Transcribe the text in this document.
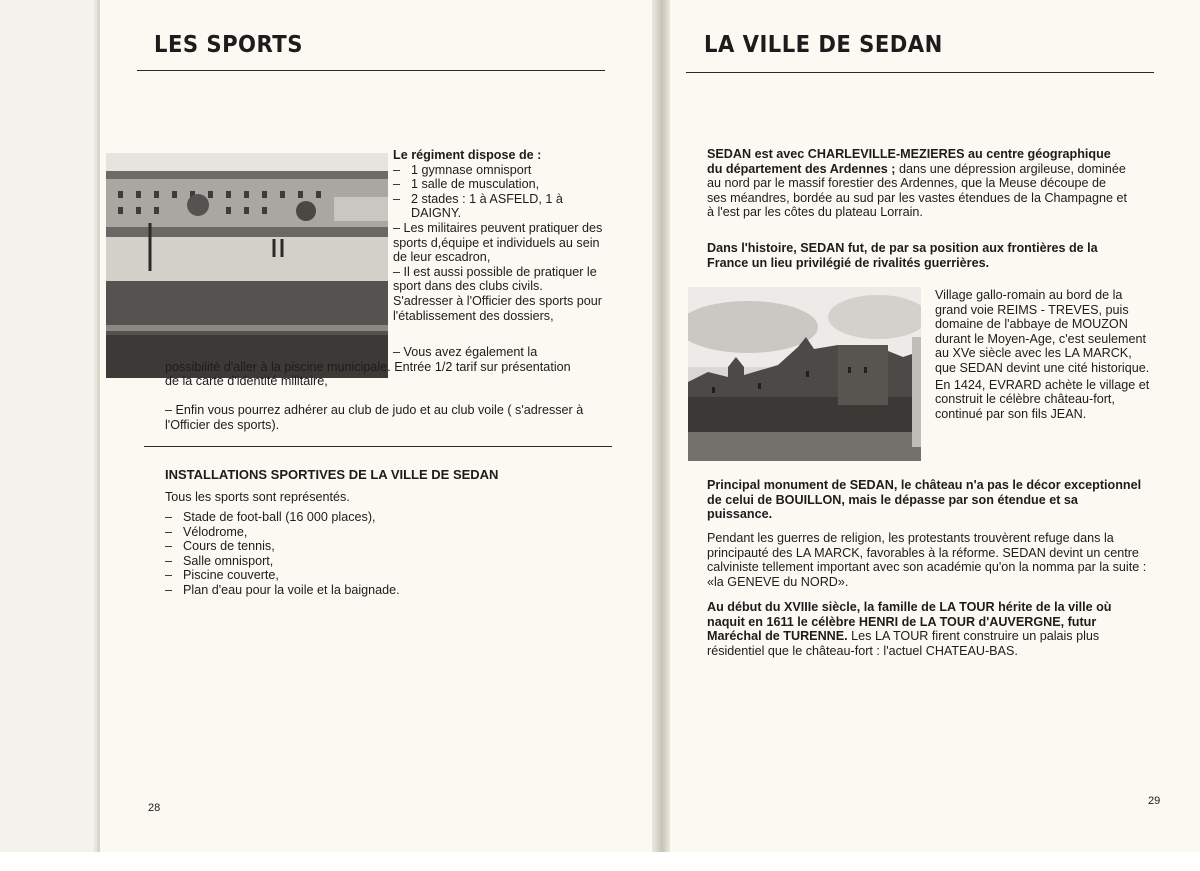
LES SPORTS

Le régiment dispose de :

– 1 gymnase omnisport
– 1 salle de musculation,
– 2 stades : 1 à ASFELD, 1 à DAIGNY.

– Les militaires peuvent pratiquer des sports d,équipe et individuels au sein de leur escadron,

– Il est aussi possible de pratiquer le sport dans des clubs civils. S'adresser à l'Officier des sports pour l'établissement des dossiers,

– Vous avez également la possibilité d'aller à la piscine municipale. Entrée 1/2 tarif sur présentation de la carte d'identité militaire,
– Enfin vous pourrez adhérer au club de judo et au club voile ( s'adresser à l'Officier des sports).
INSTALLATIONS SPORTIVES DE LA VILLE DE SEDAN
Tous les sports sont représentés.
– Stade de foot-ball (16 000 places),
– Vélodrome,
– Cours de tennis,
– Salle omnisport,
– Piscine couverte,
– Plan d'eau pour la voile et la baignade.
28
LA VILLE DE SEDAN
SEDAN est avec CHARLEVILLE-MEZIERES au centre géographique du département des Ardennes ; dans une dépression argileuse, dominée au nord par le massif forestier des Ardennes, que la Meuse découpe de ses méandres, bordée au sud par les vastes étendues de la Champagne et à l'est par les côtes du plateau Lorrain.
Dans l'histoire, SEDAN fut, de par sa position aux frontières de la France un lieu privilégié de rivalités guerrières.

Village gallo-romain au bord de la grand voie REIMS - TREVES, puis domaine de l'abbaye de MOUZON durant le Moyen-Age, c'est seulement au XVe siècle avec les LA MARCK, que SEDAN devint une cité historique.

En 1424, EVRARD achète le village et construit le célèbre château-fort, continué par son fils JEAN.

Principal monument de SEDAN, le château n'a pas le décor exceptionnel de celui de BOUILLON, mais le dépasse par son étendue et sa puissance.
Pendant les guerres de religion, les protestants trouvèrent refuge dans la principauté des LA MARCK, favorables à la réforme. SEDAN devint un centre calviniste tellement important avec son académie qu'on la nomma par la suite : «la GENEVE du NORD».
Au début du XVIIIe siècle, la famille de LA TOUR hérite de la ville où naquit en 1611 le célèbre HENRI de LA TOUR d'AUVERGNE, futur Maréchal de TURENNE. Les LA TOUR firent construire un palais plus résidentiel que le château-fort : l'actuel CHATEAU-BAS.
29
